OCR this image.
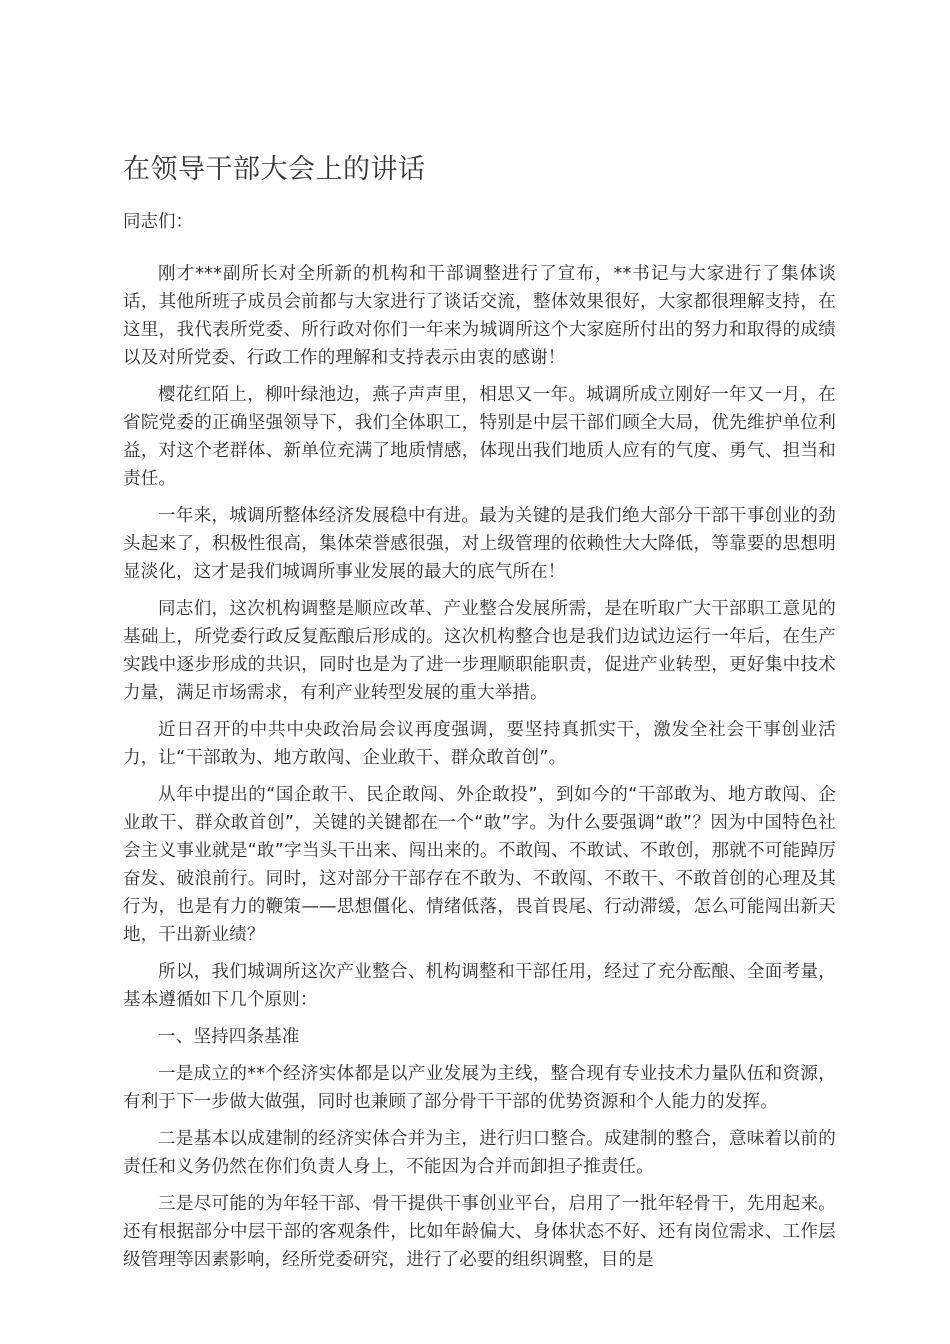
在领导干部大会上的讲话

同志们：

刚才***副所长对全所新的机构和干部调整进行了宣布，**书记与大家进行了集体谈话，其他所班子成员会前都与大家进行了谈话交流，整体效果很好，大家都很理解支持，在这里，我代表所党委、所行政对你们一年来为城调所这个大家庭所付出的努力和取得的成绩以及对所党委、行政工作的理解和支持表示由衷的感谢！

樱花红陌上，柳叶绿池边，燕子声声里，相思又一年。城调所成立刚好一年又一月，在省院党委的正确坚强领导下，我们全体职工，特别是中层干部们顾全大局，优先维护单位利益，对这个老群体、新单位充满了地质情感，体现出我们地质人应有的气度、勇气、担当和责任。

一年来，城调所整体经济发展稳中有进。最为关键的是我们绝大部分干部干事创业的劲头起来了，积极性很高，集体荣誉感很强，对上级管理的依赖性大大降低，等靠要的思想明显淡化，这才是我们城调所事业发展的最大的底气所在！

同志们，这次机构调整是顺应改革、产业整合发展所需，是在听取广大干部职工意见的基础上，所党委行政反复酝酿后形成的。这次机构整合也是我们边试边运行一年后，在生产实践中逐步形成的共识，同时也是为了进一步理顺职能职责，促进产业转型，更好集中技术力量，满足市场需求，有利产业转型发展的重大举措。

近日召开的中共中央政治局会议再度强调，要坚持真抓实干，激发全社会干事创业活力，让“干部敢为、地方敢闯、企业敢干、群众敢首创”。

从年中提出的“国企敢干、民企敢闯、外企敢投”，到如今的“干部敢为、地方敢闯、企业敢干、群众敢首创”，关键的关键都在一个“敢”字。为什么要强调“敢”？因为中国特色社会主义事业就是“敢”字当头干出来、闯出来的。不敢闯、不敢试、不敢创，那就不可能踔厉奋发、破浪前行。同时，这对部分干部存在不敢为、不敢闯、不敢干、不敢首创的心理及其行为，也是有力的鞭策——思想僵化、情绪低落，畏首畏尾、行动滞缓，怎么可能闯出新天地，干出新业绩？

所以，我们城调所这次产业整合、机构调整和干部任用，经过了充分酝酿、全面考量，基本遵循如下几个原则：

一、坚持四条基准

一是成立的**个经济实体都是以产业发展为主线，整合现有专业技术力量队伍和资源，有利于下一步做大做强，同时也兼顾了部分骨干干部的优势资源和个人能力的发挥。

二是基本以成建制的经济实体合并为主，进行归口整合。成建制的整合，意味着以前的责任和义务仍然在你们负责人身上，不能因为合并而卸担子推责任。

三是尽可能的为年轻干部、骨干提供干事创业平台，启用了一批年轻骨干，先用起来。还有根据部分中层干部的客观条件，比如年龄偏大、身体状态不好、还有岗位需求、工作层级管理等因素影响，经所党委研究，进行了必要的组织调整，目的是
